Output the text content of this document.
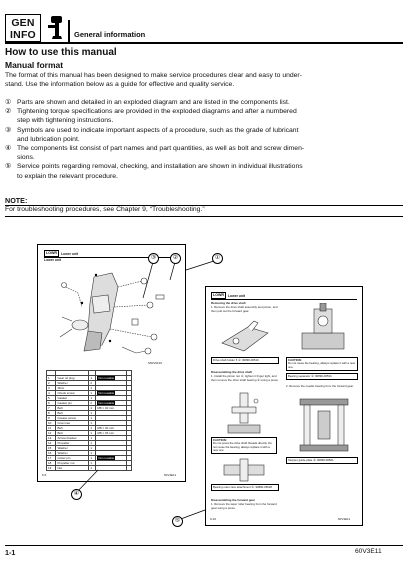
GEN
INFO	General information
How to use this manual
Manual format
The format of this manual has been designed to make service procedures clear and easy to under-
stand. Use the information below as a guide for effective and quality service.
① Parts are shown and detailed in an exploded diagram and are listed in the components list.
② Tightening torque specifications are provided in the exploded diagrams and after a numbered
step with tightening instructions.
③ Symbols are used to indicate important aspects of a procedure, such as the grade of lubricant
and lubrication point.
④ The components list consist of part names and part quantities, as well as bolt and screw dimen-
sions.
⑤ Service points regarding removal, checking, and installation are shown in individual illustrations
to explain the relevant procedure.
NOTE:
For troubleshooting procedures, see Chapter 9, “Troubleshooting.”
LOWR	Lower unit
Lower unit
S60V6120

1	Gear oil plug	1	Not reusable	
2	Washer	2		
3	Shim	1		
4	Check screw	1	Not reusable	
5	Gasket	1		
6	Gasket pin	2	Not reusable	
7	Bolt	4	M8 × 40 mm	
8	Bolt	1		
9	Grease screw	1		
10	Grommet	1		
11	Bolt	1	M8 × 30 mm	
12	Bolt	1	M8 × 45 mm	
13	Screw bracket	1		
14	Propeller	1		
15	Washer	1		
16	Washer	1		
17	Cotter pin	1	Not reusable	
18	Propeller nut	1		
19	Nut	1		
6-5	60V3E11
LOWR	Lower unit
Removing the drive shaft
1. Remove the drive shaft assembly and pinion, and then pull out the forward gear.
Drive shaft holder 5 ①: 90890-06519
Disassembling the drive shaft
1. Install the pinion nut ①, tighten it finger tight, and then remove the drive shaft bearing ② using a press.
CAUTION:
Do not press the drive shaft threads directly. Do not reuse the bearing, always replace it with a new one.
Bearing outer race attachment ①: 90890-06628
Disassembling the forward gear
1. Remove the taper roller bearing from the forward gear using a press.
CAUTION:
Do not reuse the bearing, always replace it with a new one.
Bearing separator ①: 90890-06534
2. Remove the needle bearing from the forward gear.
Stopper guide plate ①: 90890-06501
6-16	60V3E11
①
②
③
④
⑤
1-1	60V3E11
